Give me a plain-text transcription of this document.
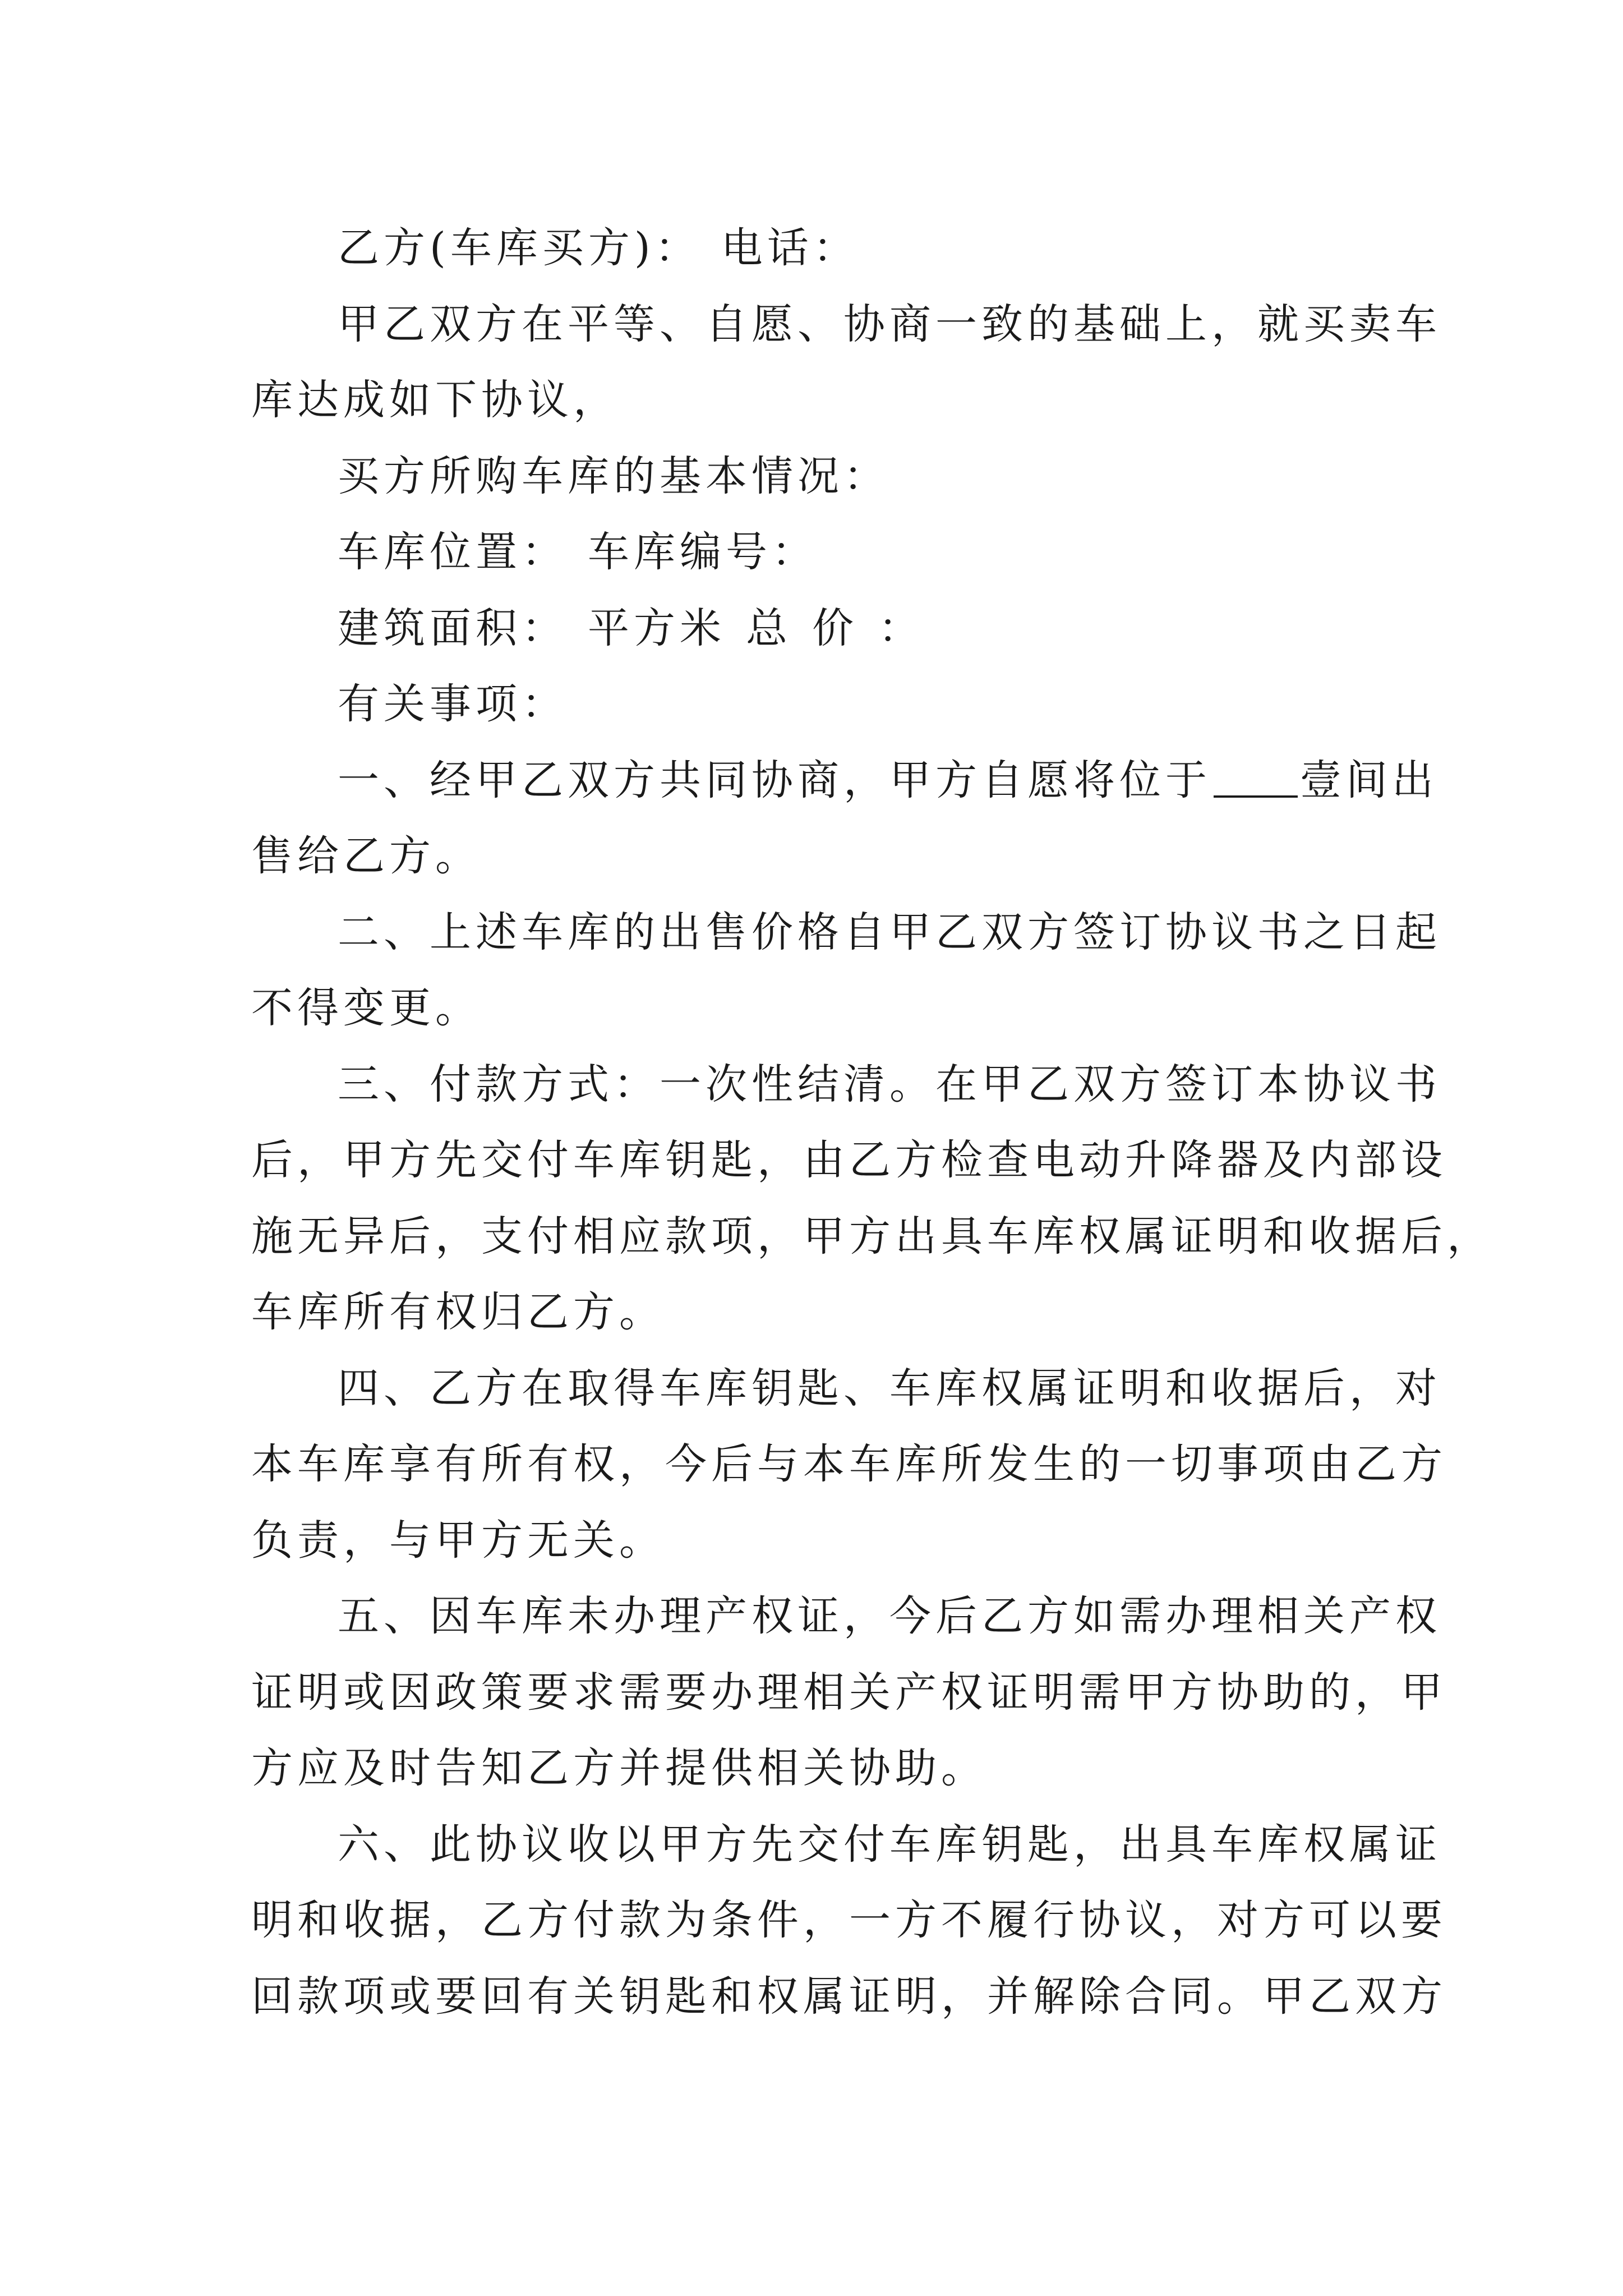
乙方(车库买方)： 电话：
甲乙双方在平等、自愿、协商一致的基础上，就买卖车
库达成如下协议，
买方所购车库的基本情况：
车库位置： 车库编号：
建筑面积： 平方米 总 价 ：
有关事项：
一、经甲乙双方共同协商，甲方自愿将位于 壹间出
售给乙方。
二、上述车库的出售价格自甲乙双方签订协议书之日起
不得变更。
三、付款方式：一次性结清。在甲乙双方签订本协议书
后，甲方先交付车库钥匙，由乙方检查电动升降器及内部设
施无异后，支付相应款项，甲方出具车库权属证明和收据后，
车库所有权归乙方。
四、乙方在取得车库钥匙、车库权属证明和收据后，对
本车库享有所有权，今后与本车库所发生的一切事项由乙方
负责，与甲方无关。
五、因车库未办理产权证，今后乙方如需办理相关产权
证明或因政策要求需要办理相关产权证明需甲方协助的，甲
方应及时告知乙方并提供相关协助。
六、此协议收以甲方先交付车库钥匙，出具车库权属证
明和收据，乙方付款为条件，一方不履行协议，对方可以要
回款项或要回有关钥匙和权属证明，并解除合同。甲乙双方
